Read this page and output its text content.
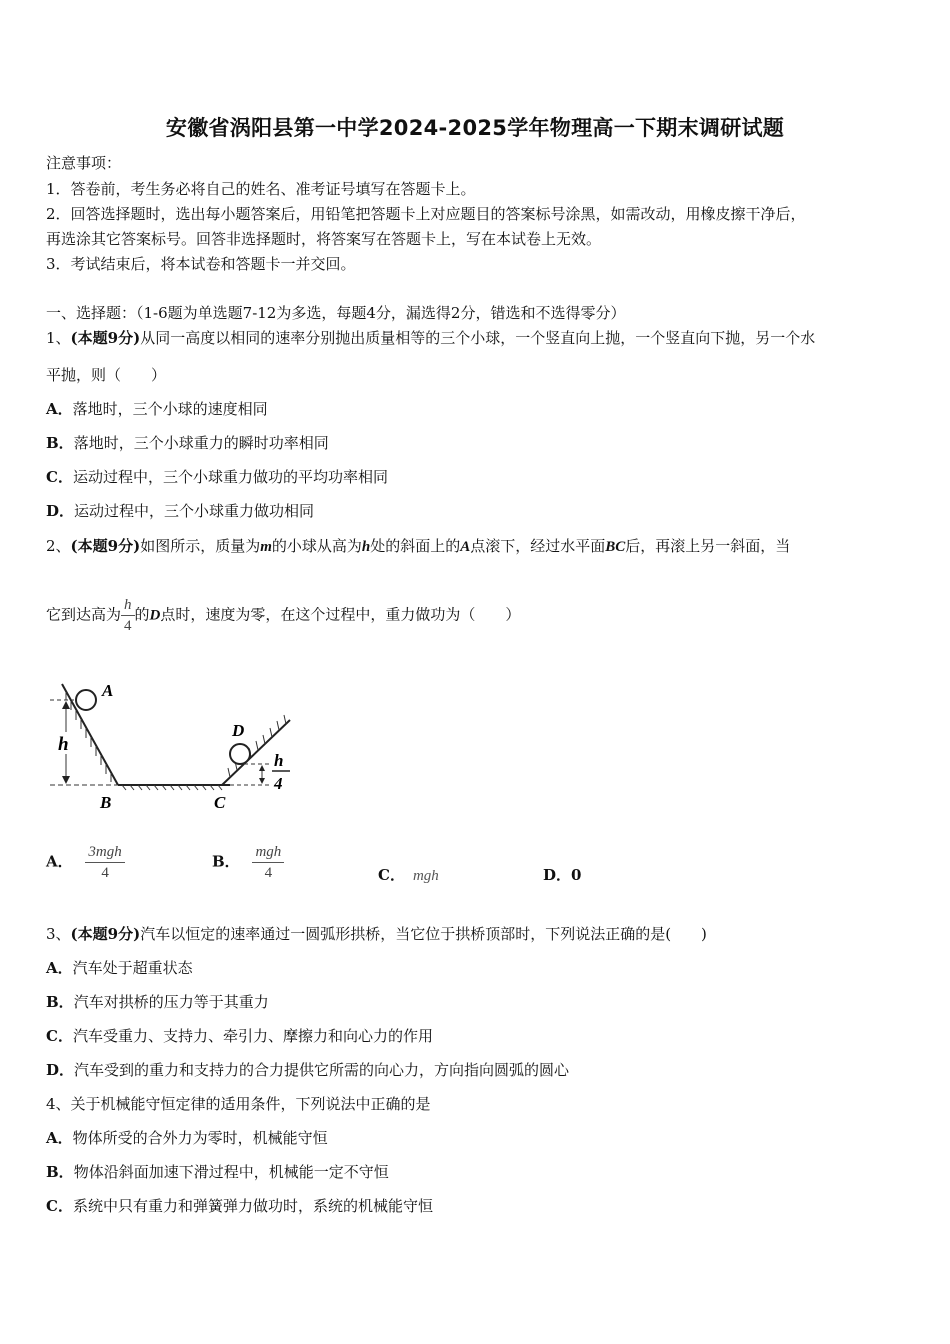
安徽省涡阳县第一中学2024-2025学年物理高一下期末调研试题
注意事项：
1．答卷前，考生务必将自己的姓名、准考证号填写在答题卡上。
2．回答选择题时，选出每小题答案后，用铅笔把答题卡上对应题目的答案标号涂黑，如需改动，用橡皮擦干净后，
再选涂其它答案标号。回答非选择题时，将答案写在答题卡上，写在本试卷上无效。
3．考试结束后，将本试卷和答题卡一并交回。
一、选择题：（1-6题为单选题7-12为多选，每题4分，漏选得2分，错选和不选得零分）
1、(本题9分)从同一高度以相同的速率分别抛出质量相等的三个小球，一个竖直向上抛，一个竖直向下抛，另一个水
平抛，则（　　）
A．落地时，三个小球的速度相同
B．落地时，三个小球重力的瞬时功率相同
C．运动过程中，三个小球重力做功的平均功率相同
D．运动过程中，三个小球重力做功相同
2、(本题9分)如图所示，质量为m的小球从高为h处的斜面上的A点滚下，经过水平面BC后，再滚上另一斜面，当
它到达高为 $\frac{h}{4}$ 的D点时，速度为零，在这个过程中，重力做功为（　　）
A
h
B	C
D
h
4
A． $\frac{\text{3mgh}}{4}$	B． $\frac{\text{mgh}}{4}$	C． mgh	D．0
3、(本题9分)汽车以恒定的速率通过一圆弧形拱桥，当它位于拱桥顶部时，下列说法正确的是(　　)
A．汽车处于超重状态
B．汽车对拱桥的压力等于其重力
C．汽车受重力、支持力、牵引力、摩擦力和向心力的作用
D．汽车受到的重力和支持力的合力提供它所需的向心力，方向指向圆弧的圆心
4、关于机械能守恒定律的适用条件，下列说法中正确的是
A．物体所受的合外力为零时，机械能守恒
B．物体沿斜面加速下滑过程中，机械能一定不守恒
C．系统中只有重力和弹簧弹力做功时，系统的机械能守恒
